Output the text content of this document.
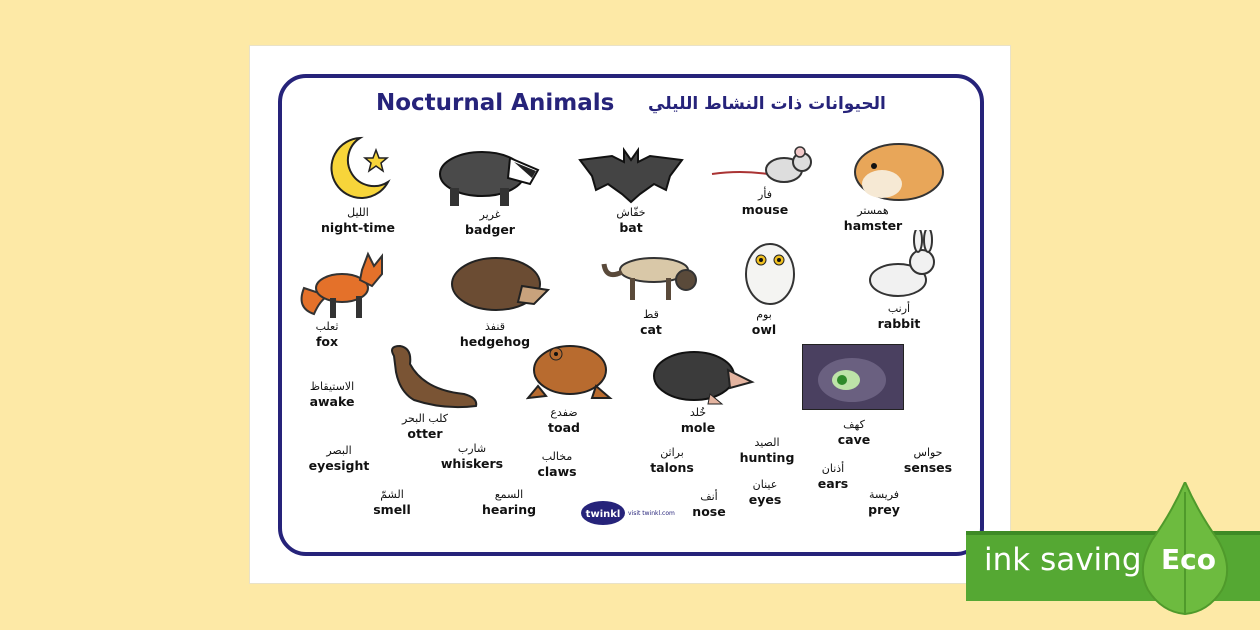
Nocturnal Animals الحيوانات ذات النشاط الليلي
الليل
night-time
غرير
badger
خفّاش
bat
فأر
mouse	همستر
hamster
ثعلب
fox
قنفذ
hedgehog
قط
cat
بوم
owl
أرنب
rabbit
الاستيقاظ
awake
كلب البحر
otter
ضفدع
toad
خُلد
mole	كهف
cave
البصر
eyesight
شارب
whiskers	مخالب
claws
براثن
talons
الصيد
hunting
أذنان
ears
حواس
senses
الشمّ
smell
السمع
hearing
أنف
nose
عينان
eyes	فريسة
prey
twinkl visit twinkl.com
ink saving Eco
